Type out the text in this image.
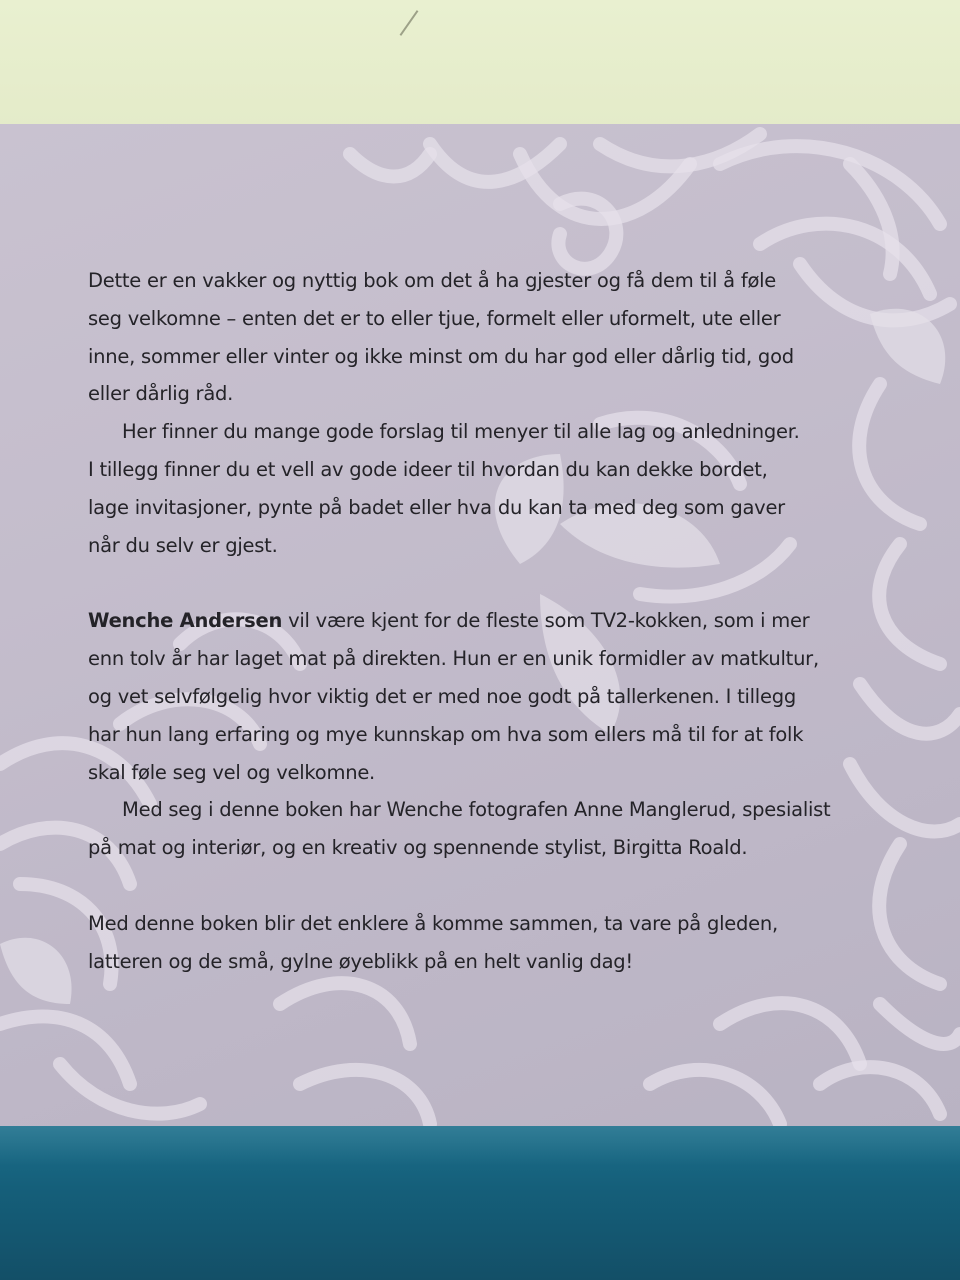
Dette er en vakker og nyttig bok om det å ha gjester og få dem til å føle
seg velkomne – enten det er to eller tjue, formelt eller uformelt, ute eller
inne, sommer eller vinter og ikke minst om du har god eller dårlig tid, god
eller dårlig råd.

Her finner du mange gode forslag til menyer til alle lag og anledninger.
I tillegg finner du et vell av gode ideer til hvordan du kan dekke bordet,
lage invitasjoner, pynte på badet eller hva du kan ta med deg som gaver
når du selv er gjest.

Wenche Andersen vil være kjent for de fleste som TV2-kokken, som i mer
enn tolv år har laget mat på direkten. Hun er en unik formidler av matkultur,
og vet selvfølgelig hvor viktig det er med noe godt på tallerkenen. I tillegg
har hun lang erfaring og mye kunnskap om hva som ellers må til for at folk
skal føle seg vel og velkomne.

Med seg i denne boken har Wenche fotografen Anne Manglerud, spesialist
på mat og interiør, og en kreativ og spennende stylist, Birgitta Roald.

Med denne boken blir det enklere å komme sammen, ta vare på gleden,
latteren og de små, gylne øyeblikk på en helt vanlig dag!
